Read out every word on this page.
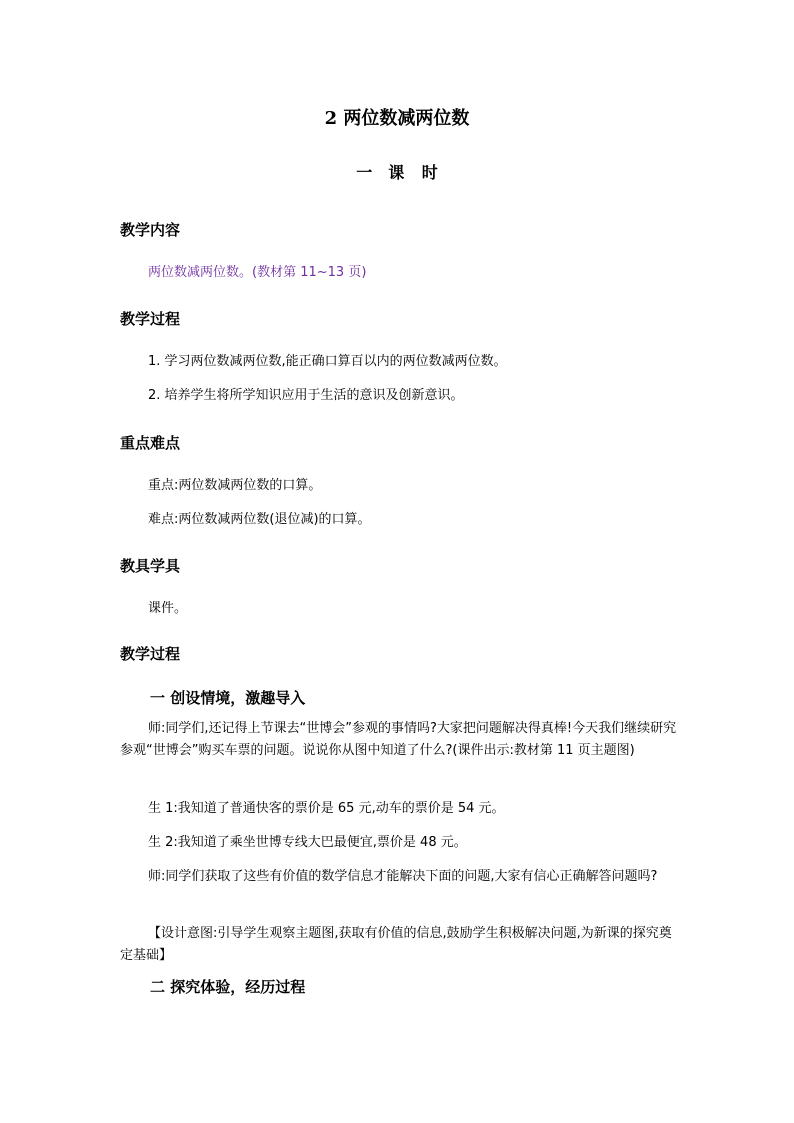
2 两位数减两位数
一　课 时
教学内容
两位数减两位数。(教材第 11~13 页)
教学过程
1. 学习两位数减两位数,能正确口算百以内的两位数减两位数。
2. 培养学生将所学知识应用于生活的意识及创新意识。
重点难点
重点:两位数减两位数的口算。
难点:两位数减两位数(退位减)的口算。
教具学具
课件。
教学过程
一 创设情境，激趣导入
师:同学们,还记得上节课去“世博会”参观的事情吗?大家把问题解决得真棒!今天我们继续研究参观“世博会”购买车票的问题。说说你从图中知道了什么?(课件出示:教材第 11 页主题图)
生 1:我知道了普通快客的票价是 65 元,动车的票价是 54 元。
生 2:我知道了乘坐世博专线大巴最便宜,票价是 48 元。
师:同学们获取了这些有价值的数学信息才能解决下面的问题,大家有信心正确解答问题吗?
【设计意图:引导学生观察主题图,获取有价值的信息,鼓励学生积极解决问题,为新课的探究奠定基础】
二 探究体验，经历过程
